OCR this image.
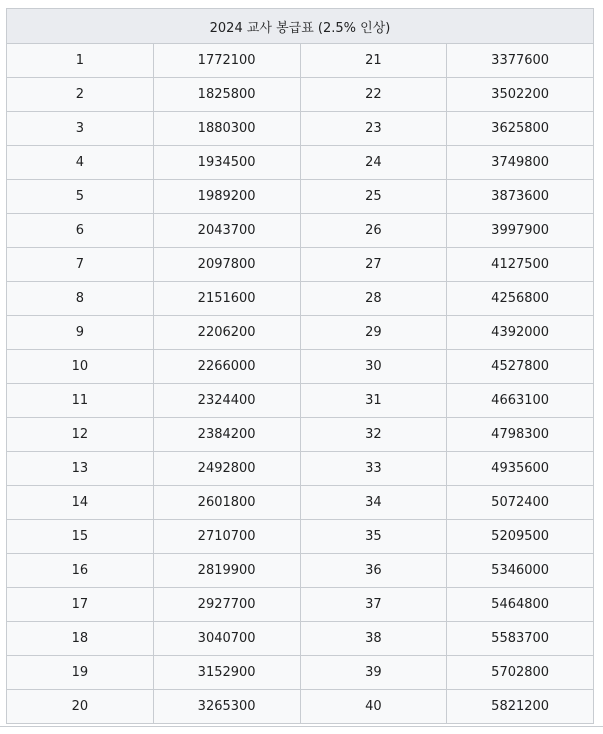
2024 교사 봉급표 (2.5% 인상)			
1	1772100	21	3377600
2	1825800	22	3502200
3	1880300	23	3625800
4	1934500	24	3749800
5	1989200	25	3873600
6	2043700	26	3997900
7	2097800	27	4127500
8	2151600	28	4256800
9	2206200	29	4392000
10	2266000	30	4527800
11	2324400	31	4663100
12	2384200	32	4798300
13	2492800	33	4935600
14	2601800	34	5072400
15	2710700	35	5209500
16	2819900	36	5346000
17	2927700	37	5464800
18	3040700	38	5583700
19	3152900	39	5702800
20	3265300	40	5821200
